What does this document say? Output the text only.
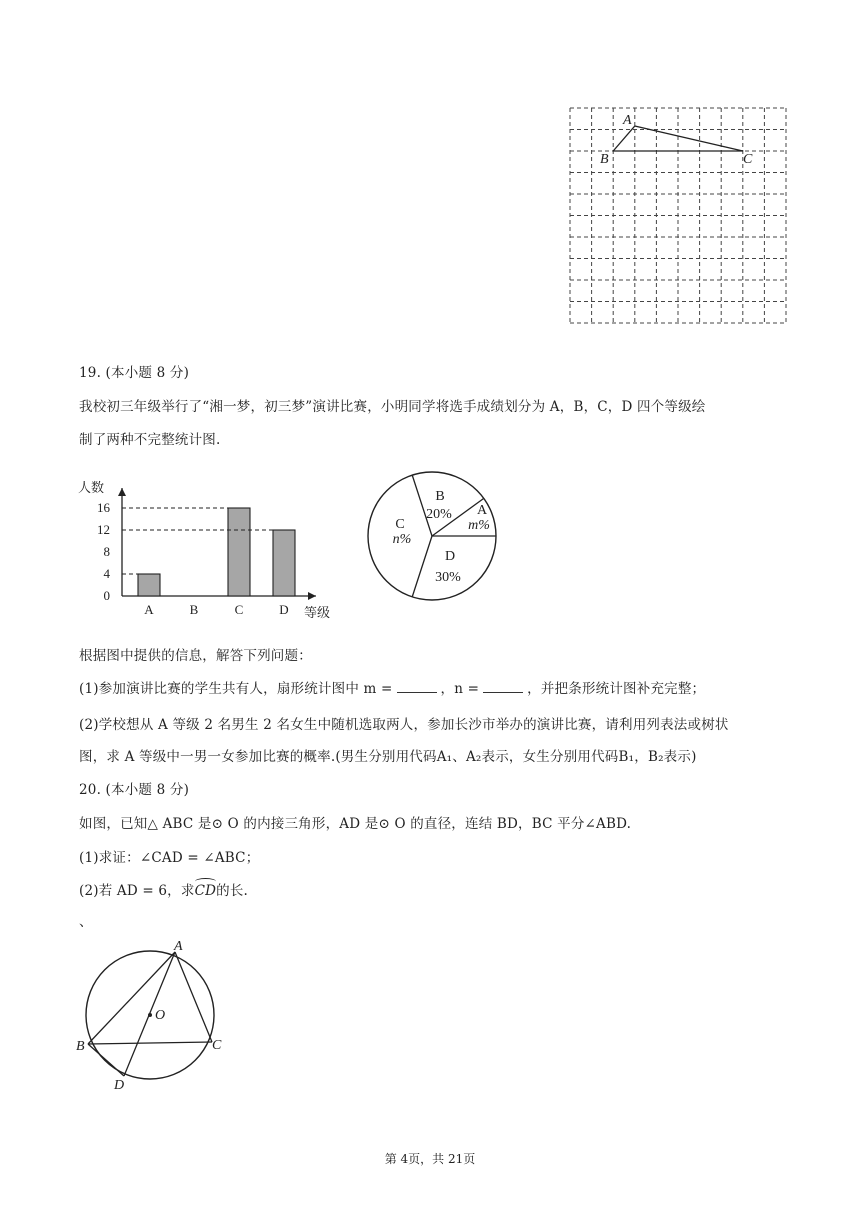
A
B	C
19. (本小题 8 分)
我校初三年级举行了“湘一梦，初三梦”演讲比赛，小明同学将选手成绩划分为 A，B，C，D 四个等级绘
制了两种不完整统计图.
0
4
8
12
16
A	B	C	D
人数
等级
B
20% A
m%
D
30%
C
n%
根据图中提供的信息，解答下列问题：
(1)参加演讲比赛的学生共有人，扇形统计图中 m =	，n =	，并把条形统计图补充完整；
(2)学校想从 A 等级 2 名男生 2 名女生中随机选取两人，参加长沙市举办的演讲比赛，请利用列表法或树状
图，求 A 等级中一男一女参加比赛的概率.(男生分别用代码A₁、A₂表示，女生分别用代码B₁，B₂表示)
20. (本小题 8 分)
如图，已知△ ABC 是⊙ O 的内接三角形，AD 是⊙ O 的直径，连结 BD，BC 平分∠ABD.
(1)求证：∠CAD = ∠ABC；
(2)若 AD = 6，求
CD的长.
、
A
B	C
D
O
第 4页，共 21页
